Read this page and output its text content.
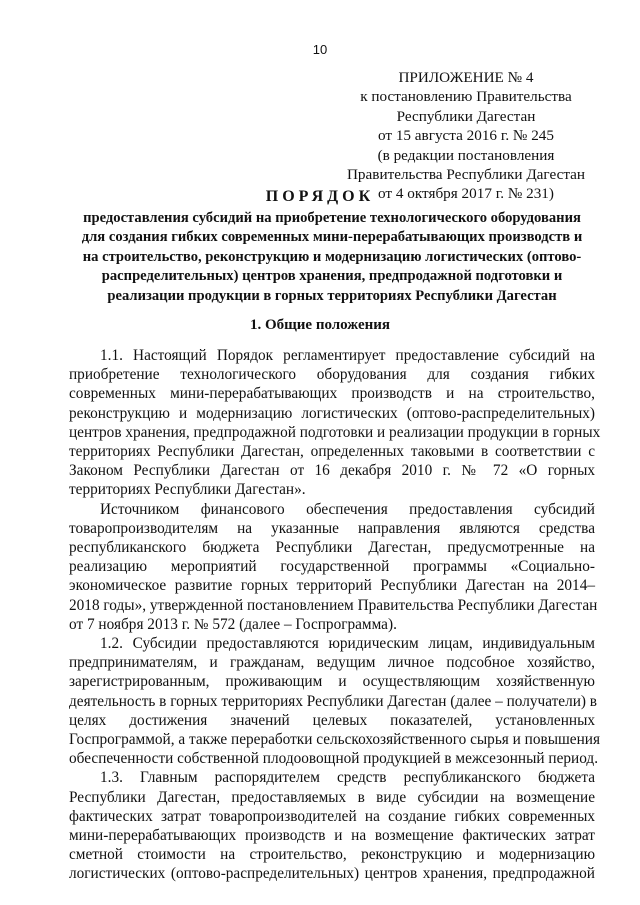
10
ПРИЛОЖЕНИЕ № 4
к постановлению Правительства
Республики Дагестан
от 15 августа 2016 г. № 245
(в редакции постановления
Правительства Республики Дагестан
от 4 октября 2017 г. № 231)
ПОРЯДОК
предоставления субсидий на приобретение технологического оборудования
для создания гибких современных мини-перерабатывающих производств и
на строительство, реконструкцию и модернизацию логистических (оптово-
распределительных) центров хранения, предпродажной подготовки и
реализации продукции в горных территориях Республики Дагестан
1. Общие положения
1.1. Настоящий Порядок регламентирует предоставление субсидий на
приобретение технологического оборудования для создания гибких
современных мини-перерабатывающих производств и на строительство,
реконструкцию и модернизацию логистических (оптово-распределительных)
центров хранения, предпродажной подготовки и реализации продукции в горных
территориях Республики Дагестан, определенных таковыми в соответствии с
Законом Республики Дагестан от 16 декабря 2010 г. № 72 «О горных
территориях Республики Дагестан».
Источником финансового обеспечения предоставления субсидий
товаропроизводителям на указанные направления являются средства
республиканского бюджета Республики Дагестан, предусмотренные на
реализацию мероприятий государственной программы «Социально-
экономическое развитие горных территорий Республики Дагестан на 2014–
2018 годы», утвержденной постановлением Правительства Республики Дагестан
от 7 ноября 2013 г. № 572 (далее – Госпрограмма).
1.2. Субсидии предоставляются юридическим лицам, индивидуальным
предпринимателям, и гражданам, ведущим личное подсобное хозяйство,
зарегистрированным, проживающим и осуществляющим хозяйственную
деятельность в горных территориях Республики Дагестан (далее – получатели) в
целях достижения значений целевых показателей, установленных
Госпрограммой, а также переработки сельскохозяйственного сырья и повышения
обеспеченности собственной плодоовощной продукцией в межсезонный период.
1.3. Главным распорядителем средств республиканского бюджета
Республики Дагестан, предоставляемых в виде субсидии на возмещение
фактических затрат товаропроизводителей на создание гибких современных
мини-перерабатывающих производств и на возмещение фактических затрат
сметной стоимости на строительство, реконструкцию и модернизацию
логистических (оптово-распределительных) центров хранения, предпродажной
